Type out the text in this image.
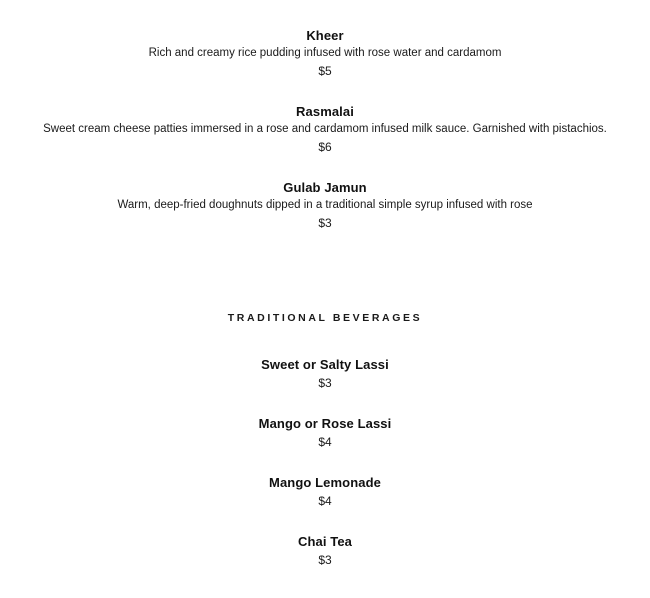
Kheer
Rich and creamy rice pudding infused with rose water and cardamom
$5
Rasmalai
Sweet cream cheese patties immersed in a rose and cardamom infused milk sauce. Garnished with pistachios.
$6
Gulab Jamun
Warm, deep-fried doughnuts dipped in a traditional simple syrup infused with rose
$3
TRADITIONAL BEVERAGES
Sweet or Salty Lassi
$3
Mango or Rose Lassi
$4
Mango Lemonade
$4
Chai Tea
$3
